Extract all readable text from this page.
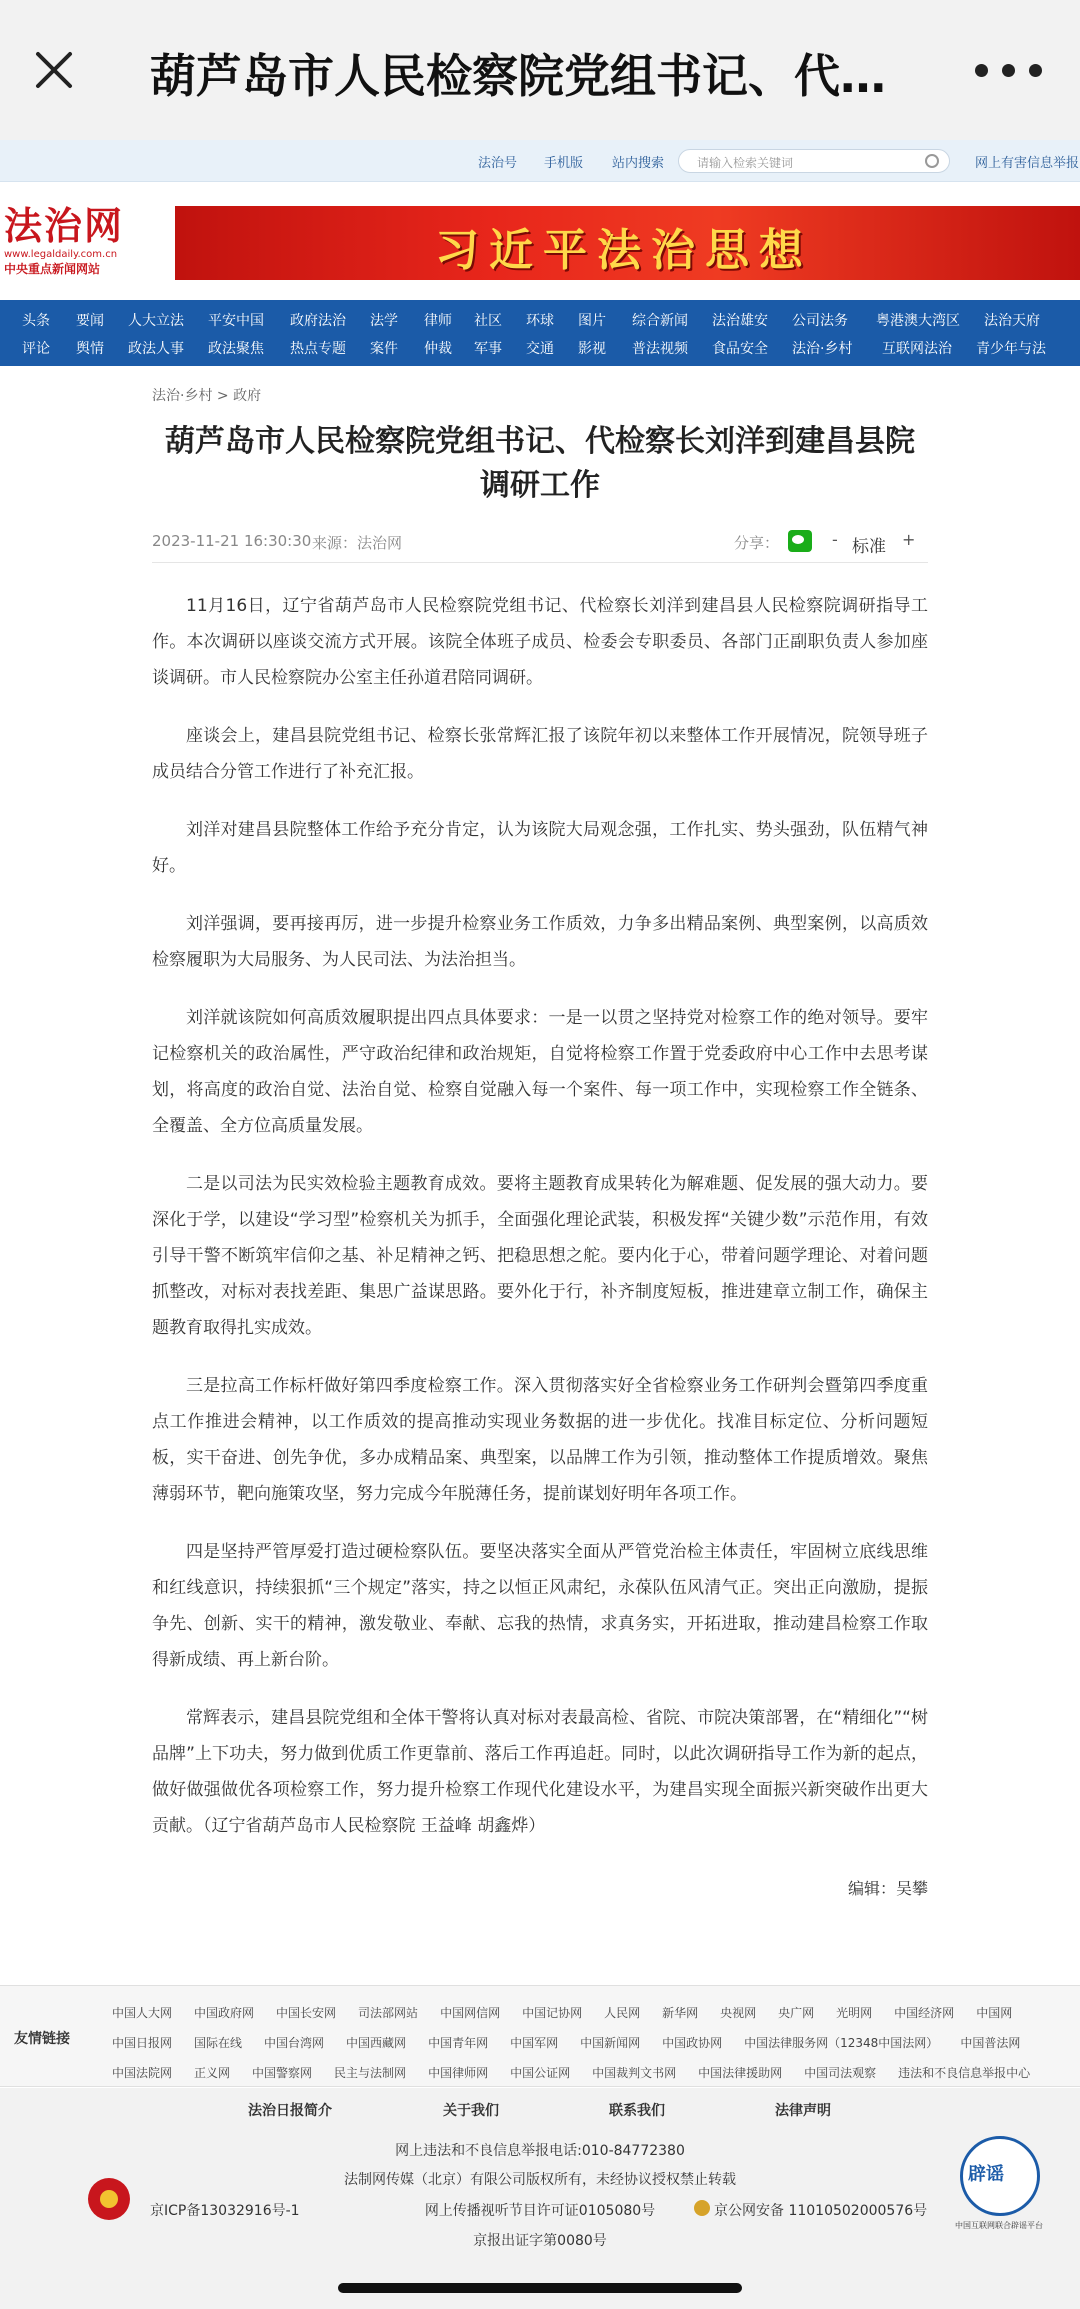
葫芦岛市人民检察院党组书记、代…
法治号 手机版 站内搜索	请输入检索关键词	网上有害信息举报
法治网
www.legaldaily.com.cn
中央重点新闻网站	习近平法治思想
头条 要闻 人大立法 平安中国 政府法治 法学 律师 社区 环球 图片 综合新闻 法治雄安 公司法务 粤港澳大湾区 法治天府
评论 舆情 政法人事 政法聚焦 热点专题 案件 仲裁 军事 交通 影视 普法视频 食品安全 法治·乡村 互联网法治 青少年与法
法治·乡村 > 政府
葫芦岛市人民检察院党组书记、代检察长刘洋到建昌县院调研工作
2023-11-21 16:30:30 来源：法治网	分享：	- 标准 +

11月16日，辽宁省葫芦岛市人民检察院党组书记、代检察长刘洋到建昌县人民检察院调研指导工作。本次调研以座谈交流方式开展。该院全体班子成员、检委会专职委员、各部门正副职负责人参加座谈调研。市人民检察院办公室主任孙道君陪同调研。

座谈会上，建昌县院党组书记、检察长张常辉汇报了该院年初以来整体工作开展情况，院领导班子成员结合分管工作进行了补充汇报。

刘洋对建昌县院整体工作给予充分肯定，认为该院大局观念强，工作扎实、势头强劲，队伍精气神好。

刘洋强调，要再接再厉，进一步提升检察业务工作质效，力争多出精品案例、典型案例，以高质效检察履职为大局服务、为人民司法、为法治担当。

刘洋就该院如何高质效履职提出四点具体要求：一是一以贯之坚持党对检察工作的绝对领导。要牢记检察机关的政治属性，严守政治纪律和政治规矩，自觉将检察工作置于党委政府中心工作中去思考谋划，将高度的政治自觉、法治自觉、检察自觉融入每一个案件、每一项工作中，实现检察工作全链条、全覆盖、全方位高质量发展。

二是以司法为民实效检验主题教育成效。要将主题教育成果转化为解难题、促发展的强大动力。要深化于学，以建设“学习型”检察机关为抓手，全面强化理论武装，积极发挥“关键少数”示范作用，有效引导干警不断筑牢信仰之基、补足精神之钙、把稳思想之舵。要内化于心，带着问题学理论、对着问题抓整改，对标对表找差距、集思广益谋思路。要外化于行，补齐制度短板，推进建章立制工作，确保主题教育取得扎实成效。

三是拉高工作标杆做好第四季度检察工作。深入贯彻落实好全省检察业务工作研判会暨第四季度重点工作推进会精神，以工作质效的提高推动实现业务数据的进一步优化。找准目标定位、分析问题短板，实干奋进、创先争优，多办成精品案、典型案，以品牌工作为引领，推动整体工作提质增效。聚焦薄弱环节，靶向施策攻坚，努力完成今年脱薄任务，提前谋划好明年各项工作。

四是坚持严管厚爱打造过硬检察队伍。要坚决落实全面从严管党治检主体责任，牢固树立底线思维和红线意识，持续狠抓“三个规定”落实，持之以恒正风肃纪，永葆队伍风清气正。突出正向激励，提振争先、创新、实干的精神，激发敬业、奉献、忘我的热情，求真务实，开拓进取，推动建昌检察工作取得新成绩、再上新台阶。

常辉表示，建昌县院党组和全体干警将认真对标对表最高检、省院、市院决策部署，在“精细化”“树品牌”上下功夫，努力做到优质工作更靠前、落后工作再追赶。同时，以此次调研指导工作为新的起点，做好做强做优各项检察工作，努力提升检察工作现代化建设水平，为建昌实现全面振兴新突破作出更大贡献。（辽宁省葫芦岛市人民检察院 王益峰 胡鑫烨）

编辑：吴攀
友情链接
中国人大网 中国政府网 中国长安网 司法部网站 中国网信网 中国记协网 人民网 新华网 央视网 央广网 光明网 中国经济网 中国网
中国日报网 国际在线 中国台湾网 中国西藏网 中国青年网 中国军网 中国新闻网 中国政协网 中国法律服务网（12348中国法网） 中国普法网
中国法院网 正义网 中国警察网 民主与法制网 中国律师网 中国公证网 中国裁判文书网 中国法律援助网 中国司法观察 违法和不良信息举报中心
法治日报简介	关于我们	联系我们	法律声明
网上违法和不良信息举报电话:010-84772380
法制网传媒（北京）有限公司版权所有，未经协议授权禁止转载
京ICP备13032916号-1	网上传播视听节目许可证0105080号	京公网安备 11010502000576号
京报出证字第0080号
辟谣
中国互联网联合辟谣平台
